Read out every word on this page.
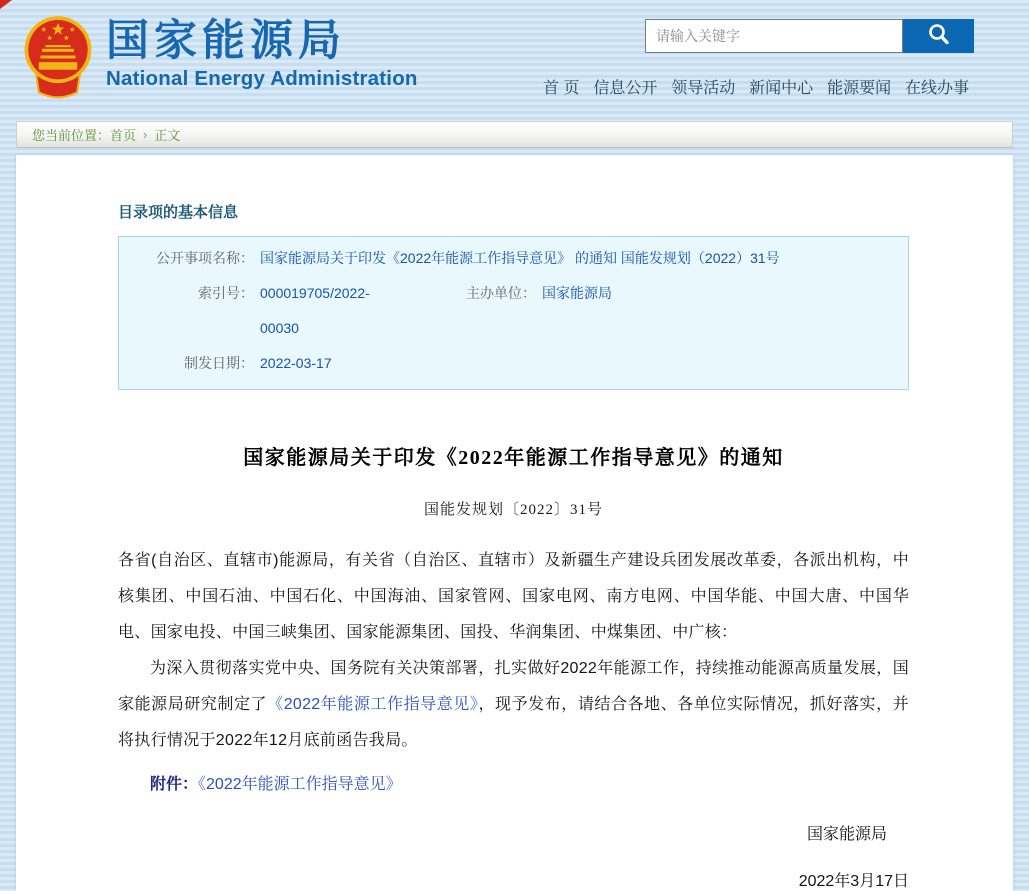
国家能源局
National Energy Administration
请输入关键字	首 页 信息公开 领导活动 新闻中心 能源要闻 在线办事
您当前位置： 首页 › 正文
目录项的基本信息
公开事项名称： 国家能源局关于印发《2022年能源工作指导意见》 的通知 国能发规划（2022）31号
索引号： 000019705/2022-00030
主办单位： 国家能源局
制发日期： 2022-03-17
国家能源局关于印发《2022年能源工作指导意见》的通知
国能发规划〔2022〕31号

各省(自治区、直辖市)能源局，有关省（自治区、直辖市）及新疆生产建设兵团发展改革委，各派出机构，中核集团、中国石油、中国石化、中国海油、国家管网、国家电网、南方电网、中国华能、中国大唐、中国华电、国家电投、中国三峡集团、国家能源集团、国投、华润集团、中煤集团、中广核：

为深入贯彻落实党中央、国务院有关决策部署，扎实做好2022年能源工作，持续推动能源高质量发展，国家能源局研究制定了《2022年能源工作指导意见》，现予发布，请结合各地、各单位实际情况，抓好落实，并将执行情况于2022年12月底前函告我局。

附件：《2022年能源工作指导意见》

国家能源局
2022年3月17日
